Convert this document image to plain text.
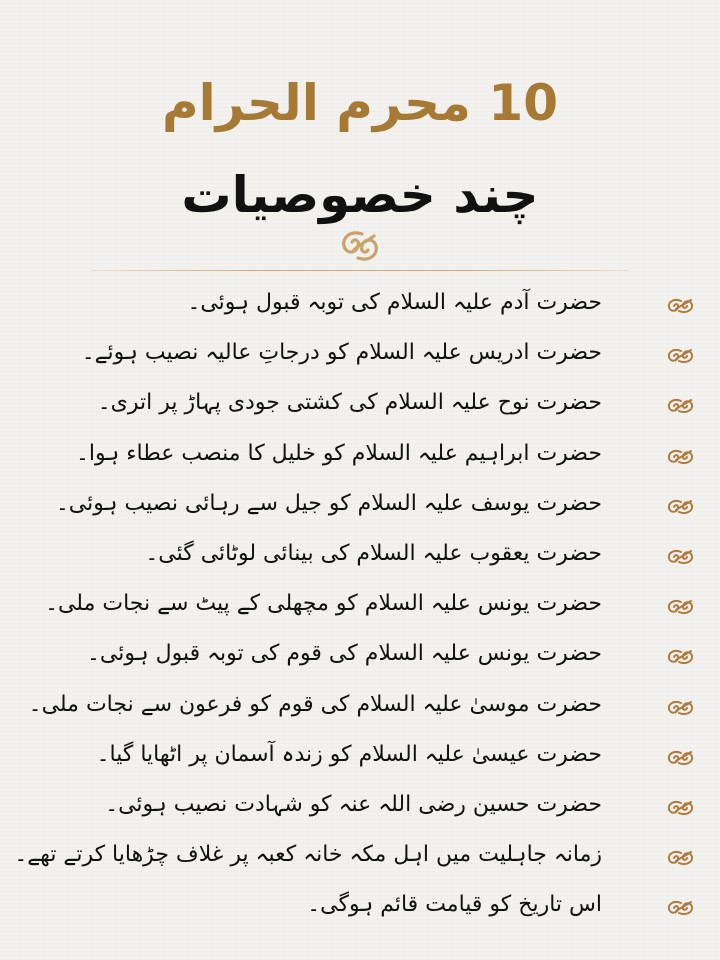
10 محرم الحرام
چند خصوصیات
حضرت آدم علیہ السلام کی توبہ قبول ہوئی۔
حضرت ادریس علیہ السلام کو درجاتِ عالیہ نصیب ہوئے۔
حضرت نوح علیہ السلام کی کشتی جودی پہاڑ پر اتری۔
حضرت ابراہیم علیہ السلام کو خلیل کا منصب عطاء ہوا۔
حضرت یوسف علیہ السلام کو جیل سے رہائی نصیب ہوئی۔
حضرت یعقوب علیہ السلام کی بینائی لوٹائی گئی۔
حضرت یونس علیہ السلام کو مچھلی کے پیٹ سے نجات ملی۔
حضرت یونس علیہ السلام کی قوم کی توبہ قبول ہوئی۔
حضرت موسیٰ علیہ السلام کی قوم کو فرعون سے نجات ملی۔
حضرت عیسیٰ علیہ السلام کو زندہ آسمان پر اٹھایا گیا۔
حضرت حسین رضی اللہ عنہ کو شہادت نصیب ہوئی۔
زمانہ جاہلیت میں اہل مکہ خانہ کعبہ پر غلاف چڑھایا کرتے تھے۔
اس تاریخ کو قیامت قائم ہوگی۔
